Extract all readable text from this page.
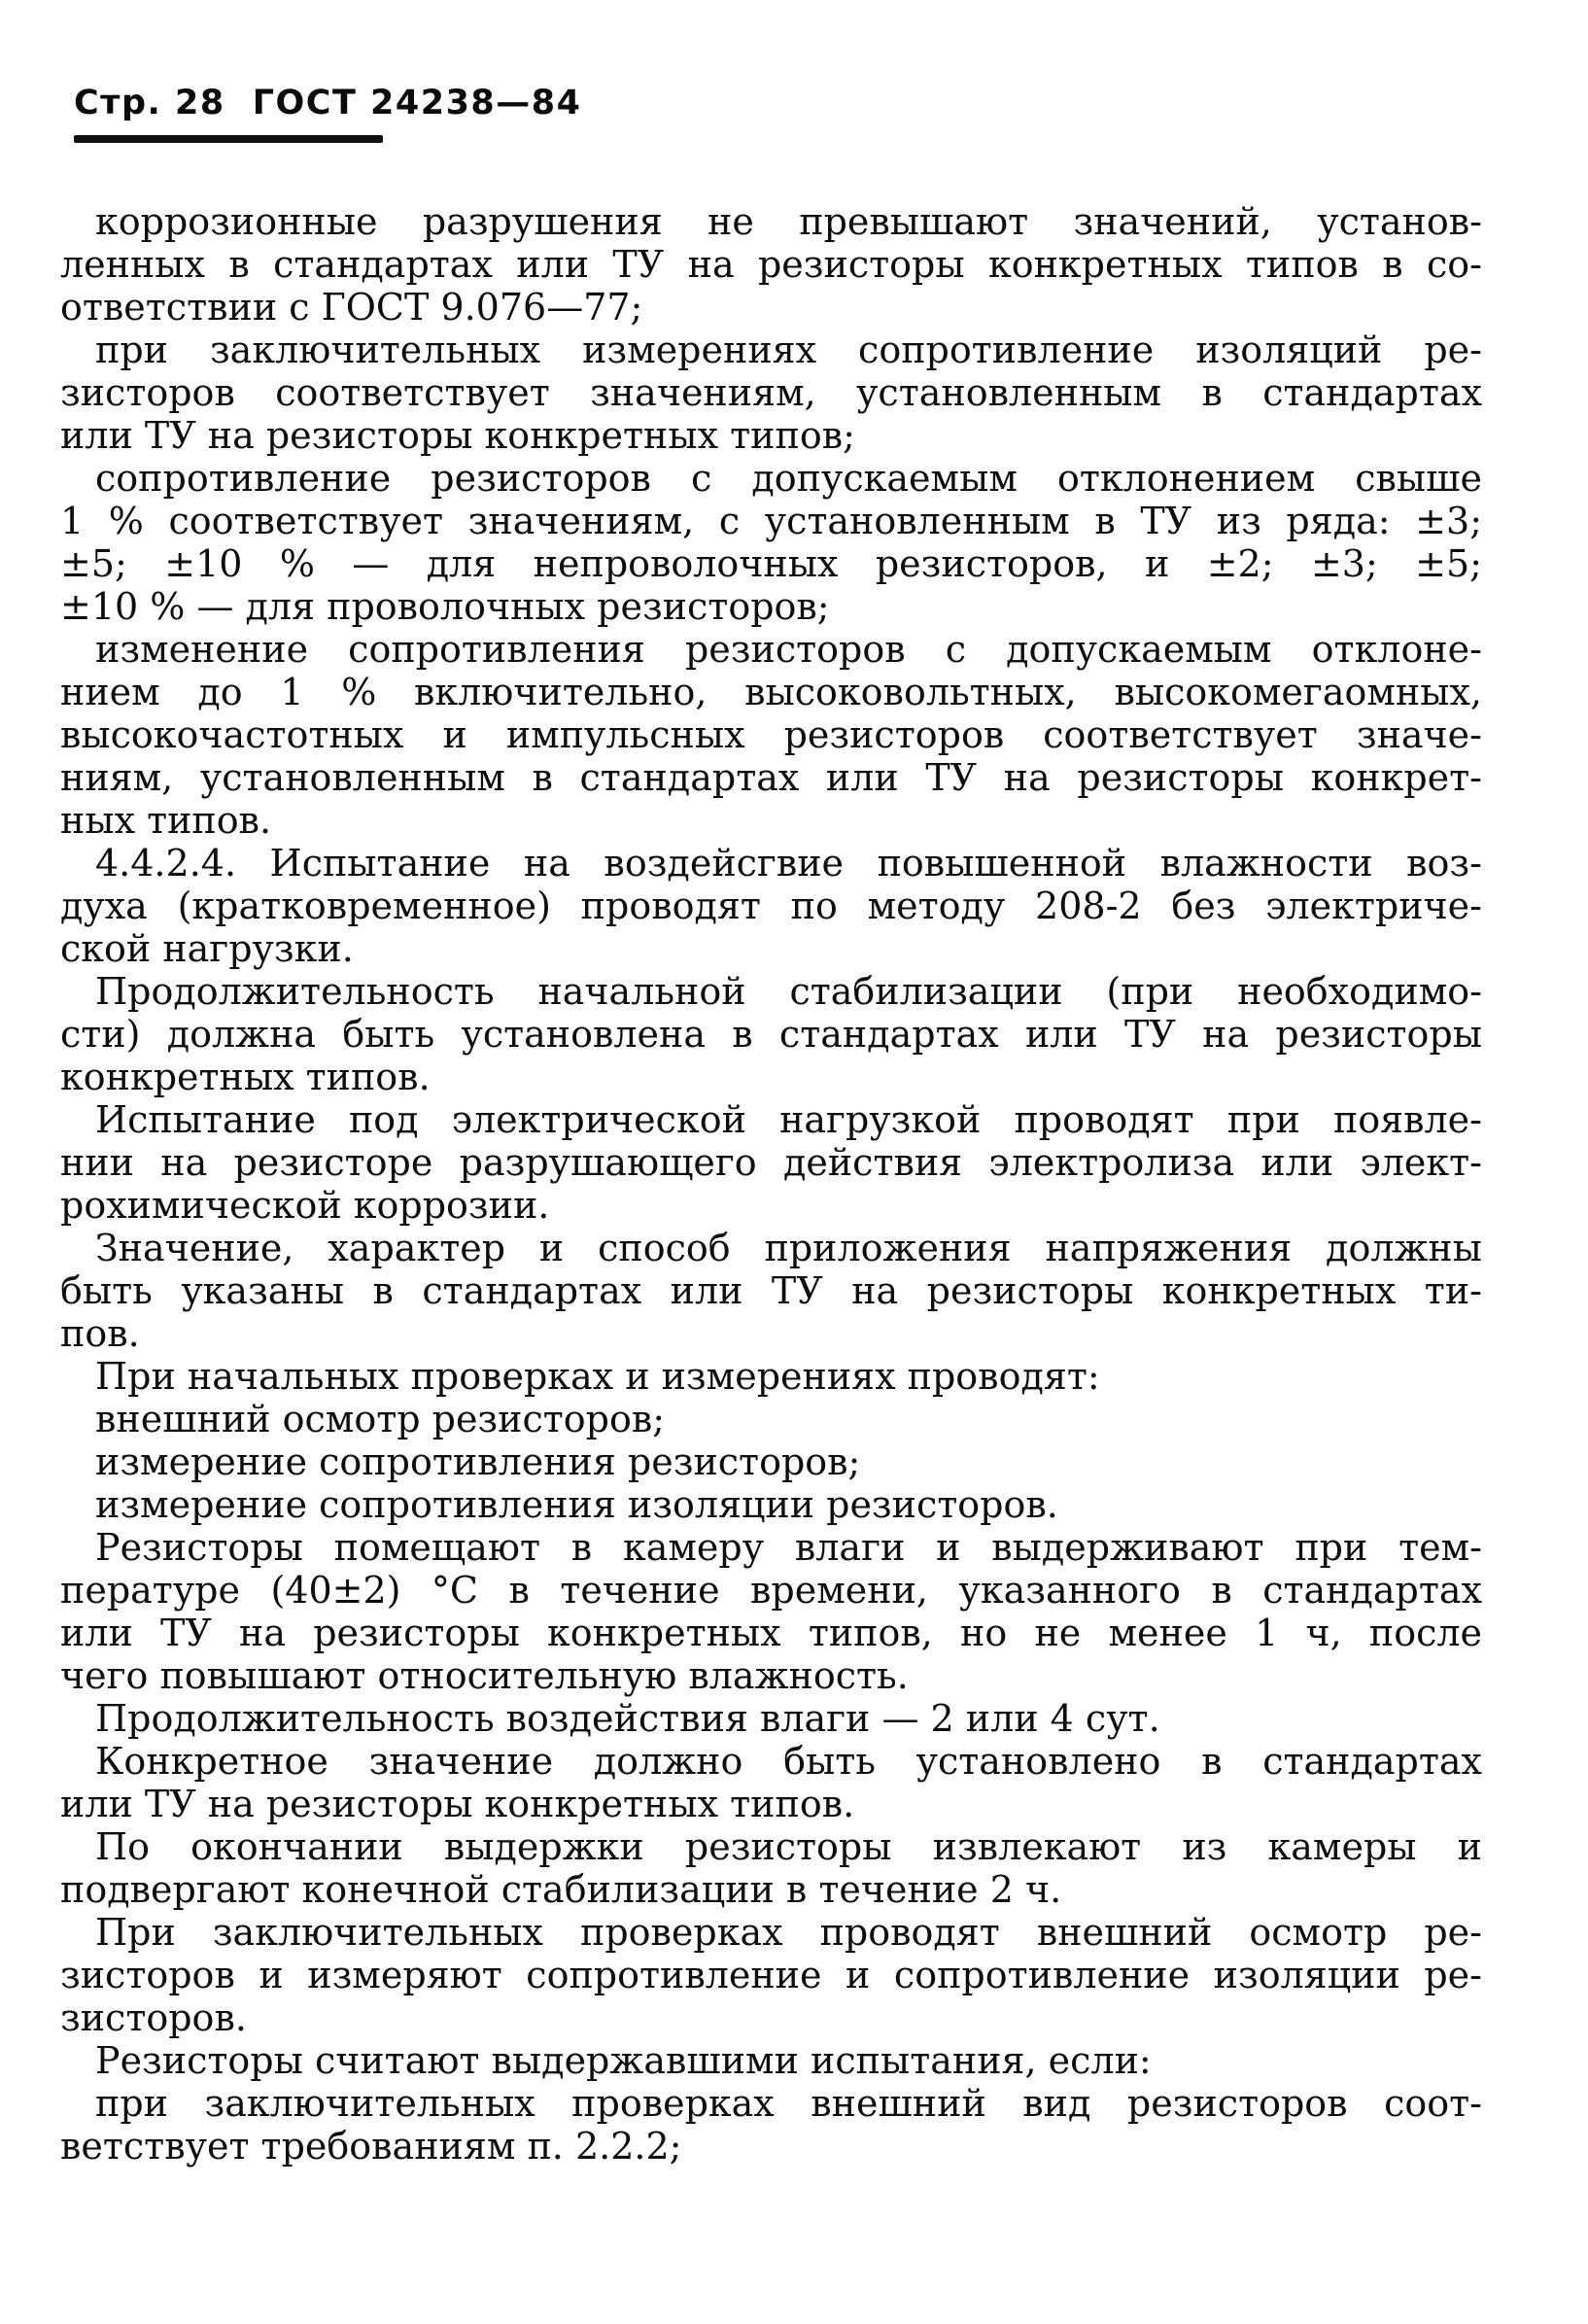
Стр. 28 ГОСТ 24238—84
коррозионные разрушения не превышают значений, установ-
ленных в стандартах или ТУ на резисторы конкретных типов в со-
ответствии с ГОСТ 9.076—77;
при заключительных измерениях сопротивление изоляций ре-
зисторов соответствует значениям, установленным в стандартах
или ТУ на резисторы конкретных типов;
сопротивление резисторов с допускаемым отклонением свыше
1 % соответствует значениям, с установленным в ТУ из ряда: ±3;
±5; ±10 % — для непроволочных резисторов, и ±2; ±3; ±5;
±10 % — для проволочных резисторов;
изменение сопротивления резисторов с допускаемым отклоне-
нием до 1 % включительно, высоковольтных, высокомегаомных,
высокочастотных и импульсных резисторов соответствует значе-
ниям, установленным в стандартах или ТУ на резисторы конкрет-
ных типов.
4.4.2.4. Испытание на воздейсгвие повышенной влажности воз-
духа (кратковременное) проводят по методу 208-2 без электриче-
ской нагрузки.
Продолжительность начальной стабилизации (при необходимо-
сти) должна быть установлена в стандартах или ТУ на резисторы
конкретных типов.
Испытание под электрической нагрузкой проводят при появле-
нии на резисторе разрушающего действия электролиза или элект-
рохимической коррозии.
Значение, характер и способ приложения напряжения должны
быть указаны в стандартах или ТУ на резисторы конкретных ти-
пов.
При начальных проверках и измерениях проводят:
внешний осмотр резисторов;
измерение сопротивления резисторов;
измерение сопротивления изоляции резисторов.
Резисторы помещают в камеру влаги и выдерживают при тем-
пературе (40±2) °С в течение времени, указанного в стандартах
или ТУ на резисторы конкретных типов, но не менее 1 ч, после
чего повышают относительную влажность.
Продолжительность воздействия влаги — 2 или 4 сут.
Конкретное значение должно быть установлено в стандартах
или ТУ на резисторы конкретных типов.
По окончании выдержки резисторы извлекают из камеры и
подвергают конечной стабилизации в течение 2 ч.
При заключительных проверках проводят внешний осмотр ре-
зисторов и измеряют сопротивление и сопротивление изоляции ре-
зисторов.
Резисторы считают выдержавшими испытания, если:
при заключительных проверках внешний вид резисторов соот-
ветствует требованиям п. 2.2.2;
